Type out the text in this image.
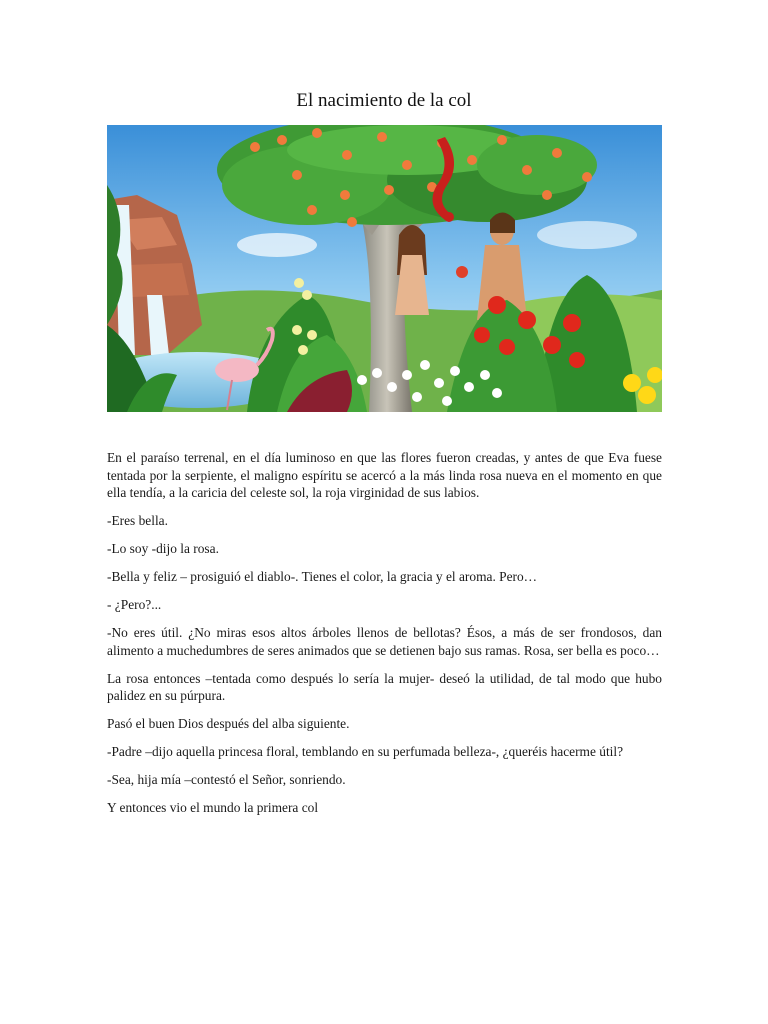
El nacimiento de la col

En el paraíso terrenal, en el día luminoso en que las flores fueron creadas, y antes de que Eva fuese tentada por la serpiente, el maligno espíritu se acercó a la más linda rosa nueva en el momento en que ella tendía, a la caricia del celeste sol, la roja virginidad de sus labios.

-Eres bella.

-Lo soy -dijo la rosa.

-Bella y feliz – prosiguió el diablo-. Tienes el color, la gracia y el aroma. Pero…

- ¿Pero?...

-No eres útil. ¿No miras esos altos árboles llenos de bellotas? Ésos, a más de ser frondosos, dan alimento a muchedumbres de seres animados que se detienen bajo sus ramas. Rosa, ser bella es poco…

La rosa entonces –tentada como después lo sería la mujer- deseó la utilidad, de tal modo que hubo palidez en su púrpura.

Pasó el buen Dios después del alba siguiente.

-Padre –dijo aquella princesa floral, temblando en su perfumada belleza-, ¿queréis hacerme útil?

-Sea, hija mía –contestó el Señor, sonriendo.

Y entonces vio el mundo la primera col
